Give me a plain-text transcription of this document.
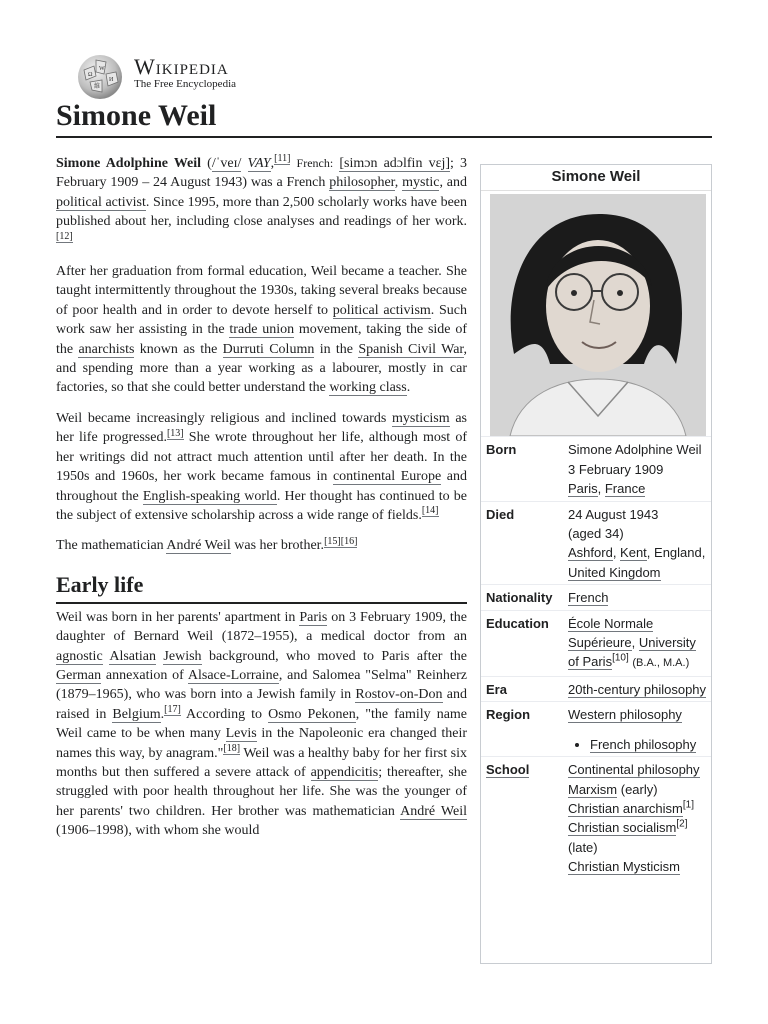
Ω
W
И
維
Wikipedia
The Free Encyclopedia
Simone Weil

Simone Adolphine Weil (/ˈveɪ/ VAY,[11] French: [simɔn adɔlfin vɛj]; 3 February 1909 – 24 August 1943) was a French philosopher, mystic, and political activist. Since 1995, more than 2,500 scholarly works have been published about her, including close analyses and readings of her work.[12]

After her graduation from formal education, Weil became a teacher. She taught intermittently throughout the 1930s, taking several breaks because of poor health and in order to devote herself to political activism. Such work saw her assisting in the trade union movement, taking the side of the anarchists known as the Durruti Column in the Spanish Civil War, and spending more than a year working as a labourer, mostly in car factories, so that she could better understand the working class.

Weil became increasingly religious and inclined towards mysticism as her life progressed.[13] She wrote throughout her life, although most of her writings did not attract much attention until after her death. In the 1950s and 1960s, her work became famous in continental Europe and throughout the English-speaking world. Her thought has continued to be the subject of extensive scholarship across a wide range of fields.[14]

The mathematician André Weil was her brother.[15][16]

Early life

Weil was born in her parents' apartment in Paris on 3 February 1909, the daughter of Bernard Weil (1872–1955), a medical doctor from an agnostic Alsatian Jewish background, who moved to Paris after the German annexation of Alsace-Lorraine, and Salomea "Selma" Reinherz (1879–1965), who was born into a Jewish family in Rostov-on-Don and raised in Belgium.[17] According to Osmo Pekonen, "the family name Weil came to be when many Levis in the Napoleonic era changed their names this way, by anagram."[18] Weil was a healthy baby for her first six months but then suffered a severe attack of appendicitis; thereafter, she struggled with poor health throughout her life. She was the younger of her parents' two children. Her brother was mathematician André Weil (1906–1998), with whom she would

Simone Weil
Born	Simone Adolphine Weil
3 February 1909
Paris, France
Died	24 August 1943
(aged 34)
Ashford, Kent, England, United Kingdom
Nationality	French
Education	École Normale Supérieure, University of Paris[10] (B.A., M.A.)
Era	20th-century philosophy
Region	Western philosophy
• French philosophy
School	Continental philosophy
Marxism (early)
Christian anarchism[1]
Christian socialism[2] (late)
Christian Mysticism
